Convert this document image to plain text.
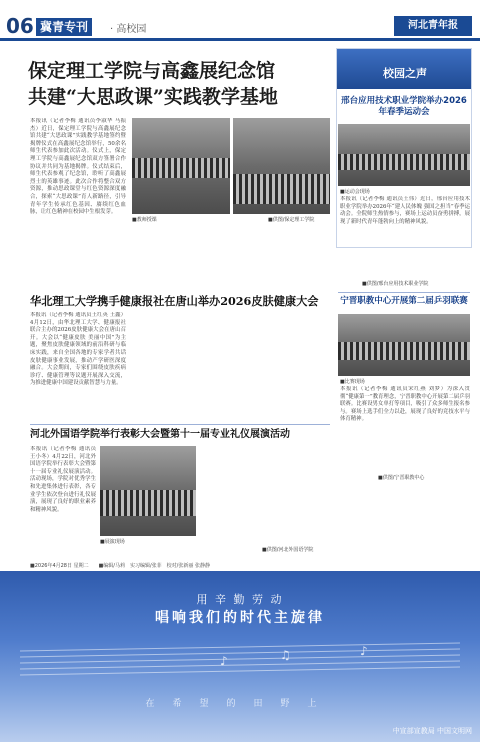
06 冀青专刊	· 高校园	河北青年报
保定理工学院与高鑫展纪念馆
共建“大思政课”实践教学基地
本报讯（记者李梅 通讯员李淑华 马振杰）近日，保定理工学院与高鑫展纪念馆共建“大思政课”实践教学基地签约暨揭牌仪式在高鑫展纪念馆举行，50余名师生代表参加此次活动。仪式上，保定理工学院与高鑫展纪念馆双方签署合作协议并共同为基地揭牌。仪式结束后，师生代表参观了纪念馆，聆听了高鑫展烈士的英雄事迹。此次合作将整合双方资源，推动思政课堂与红色资源深度融合，探索“大思政课”育人新路径，引导青年学生传承红色基因、赓续红色血脉，让红色精神在校园中生根发芽。
■教师授课	■供图/保定理工学院
校园之声
邢台应用技术职业学院举办2026年春季运动会
■运动会现场
本报讯（记者李梅 通讯员王伟）近日，邢台应用技术职业学院举办2026年“建人民体魄 强国之担当”春季运动会。全院师生热情参与，赛场上运动员奋勇拼搏，展现了新时代青年蓬勃向上的精神风貌。
■供图/邢台应用技术职业学院
宁晋职教中心开展第二届乒羽联赛
■比赛现场
本报讯（记者李梅 通讯员宋红燕 刘梦）为深入贯彻“健康第一”教育理念，宁晋职教中心开展第二届乒羽联赛。比赛设男女单打等项目，吸引了众多师生报名参与。赛场上选手们全力以赴，展现了良好的竞技水平与体育精神。
■供图/宁晋职教中心
华北理工大学携手健康报社在唐山举办2026皮肤健康大会
本报讯（记者李梅 通讯员王红英 王鑫）4月12日，由华北理工大学、健康报社联合主办的2026皮肤健康大会在唐山召开。大会以“健康皮肤 美丽中国”为主题，聚焦皮肤健康领域的前沿科研与临床实践，来自全国各地的专家学者共话皮肤健康事业发展，推动产学研医深度融合。大会期间，专家们围绕皮肤疾病诊疗、健康管理等议题开展深入交流，为推进健康中国建设贡献智慧与力量。
河北外国语学院举行表彰大会暨第十一届专业礼仪展演活动
本报讯（记者李梅 通讯员王小冬）4月22日，河北外国语学院举行表彰大会暨第十一届专业礼仪展演活动。活动现场，学院对优秀学生和先进集体进行表彰，各专业学生依次登台进行礼仪展演，展现了良好的职业素养和精神风貌。
■展演现场
■供图/河北外国语学院
■2026年4月28日 星期二　　■编辑/马莉　实习编辑/张菲　校对/张新丽 张静静
用 辛 勤 劳 动
唱响我们的时代主旋律
♪	♫	♪
在希望的田野上
中宣部宣教局 中国文明网
